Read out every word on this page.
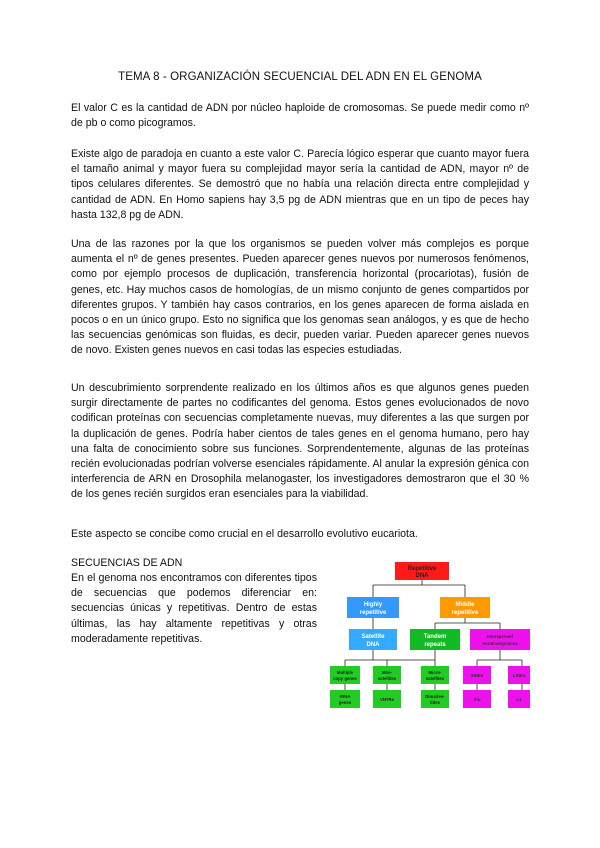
TEMA 8 - ORGANIZACIÓN SECUENCIAL DEL ADN EN EL GENOMA

El valor C es la cantidad de ADN por núcleo haploide de cromosomas. Se puede medir como nº de pb o como picogramos.

Existe algo de paradoja en cuanto a este valor C. Parecía lógico esperar que cuanto mayor fuera el tamaño animal y mayor fuera su complejidad mayor sería la cantidad de ADN, mayor nº de tipos celulares diferentes. Se demostró que no había una relación directa entre complejidad y cantidad de ADN. En Homo sapiens hay 3,5 pg de ADN mientras que en un tipo de peces hay hasta 132,8 pg de ADN.

Una de las razones por la que los organismos se pueden volver más complejos es porque aumenta el nº de genes presentes. Pueden aparecer genes nuevos por numerosos fenómenos, como por ejemplo procesos de duplicación, transferencia horizontal (procariotas), fusión de genes, etc. Hay muchos casos de homologías, de un mismo conjunto de genes compartidos por diferentes grupos. Y también hay casos contrarios, en los genes aparecen de forma aislada en pocos o en un único grupo. Esto no significa que los genomas sean análogos, y es que de hecho las secuencias genómicas son fluidas, es decir, pueden variar. Pueden aparecer genes nuevos de novo. Existen genes nuevos en casi todas las especies estudiadas.

Un descubrimiento sorprendente realizado en los últimos años es que algunos genes pueden surgir directamente de partes no codificantes del genoma. Estos genes evolucionados de novo codifican proteínas con secuencias completamente nuevas, muy diferentes a las que surgen por la duplicación de genes. Podría haber cientos de tales genes en el genoma humano, pero hay una falta de conocimiento sobre sus funciones. Sorprendentemente, algunas de las proteínas recién evolucionadas podrían volverse esenciales rápidamente. Al anular la expresión génica con interferencia de ARN en Drosophila melanogaster, los investigadores demostraron que el 30 % de los genes recién surgidos eran esenciales para la viabilidad.

Este aspecto se concibe como crucial en el desarrollo evolutivo eucariota.

SECUENCIAS DE ADN

En el genoma nos encontramos con diferentes tipos de secuencias que podemos diferenciar en: secuencias únicas y repetitivas. Dentro de estas últimas, las hay altamente repetitivas y otras moderadamente repetitivas.

Repetitive
DNA
Highly
repetitive
Middle
repetitive
Satellite
DNA
Tandem
repeats
Interspersed
retrotransposons
Multiple
copy genes
Mini-
satellites
Micro-
satellites
SINEs	LINEs
rRNA
genes
VNTRs
Dinucleo-
tides
Alu	L1
